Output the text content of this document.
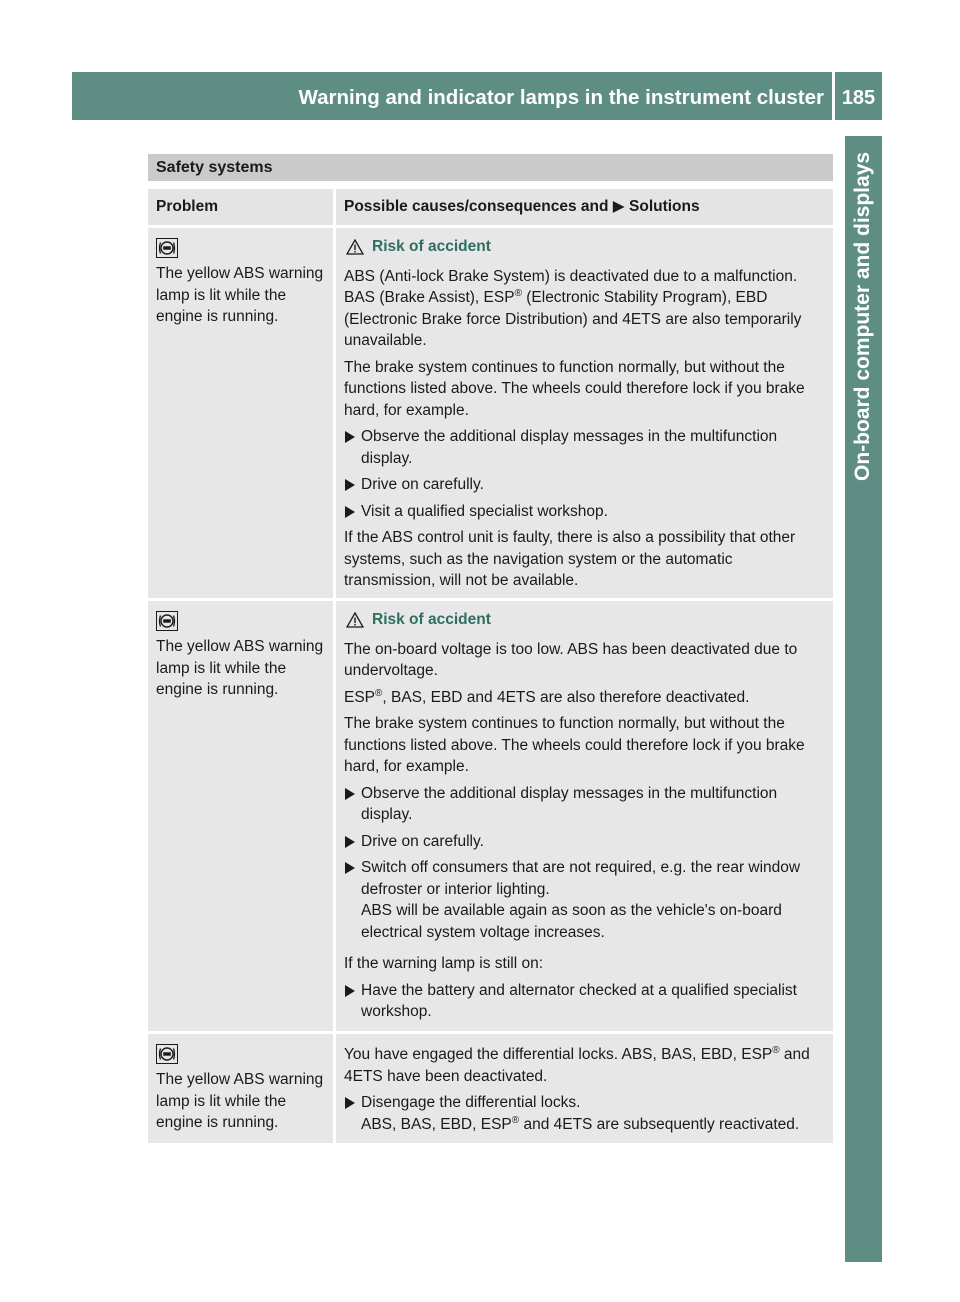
Warning and indicator lamps in the instrument cluster 185
On-board computer and displays
Safety systems
Problem	Possible causes/consequences and ▶ Solutions
The yellow ABS warning lamp is lit while the engine is running.
Risk of accident

ABS (Anti-lock Brake System) is deactivated due to a malfunction. BAS (Brake Assist), ESP® (Electronic Stability Program), EBD (Electronic Brake force Distribution) and 4ETS are also temporarily unavailable.

The brake system continues to function normally, but without the functions listed above. The wheels could therefore lock if you brake hard, for example.

Observe the additional display messages in the multifunction display.
Drive on carefully.
Visit a qualified specialist workshop.

If the ABS control unit is faulty, there is also a possibility that other systems, such as the navigation system or the automatic transmission, will not be available.

The yellow ABS warning lamp is lit while the engine is running.
Risk of accident

The on-board voltage is too low. ABS has been deactivated due to undervoltage.

ESP®, BAS, EBD and 4ETS are also therefore deactivated.

The brake system continues to function normally, but without the functions listed above. The wheels could therefore lock if you brake hard, for example.

Observe the additional display messages in the multifunction display.
Drive on carefully.
Switch off consumers that are not required, e.g. the rear window defroster or interior lighting.
ABS will be available again as soon as the vehicle's on-board electrical system voltage increases.

If the warning lamp is still on:

Have the battery and alternator checked at a qualified specialist workshop.
The yellow ABS warning lamp is lit while the engine is running.

You have engaged the differential locks. ABS, BAS, EBD, ESP® and 4ETS have been deactivated.

Disengage the differential locks.
ABS, BAS, EBD, ESP® and 4ETS are subsequently reactivated.
